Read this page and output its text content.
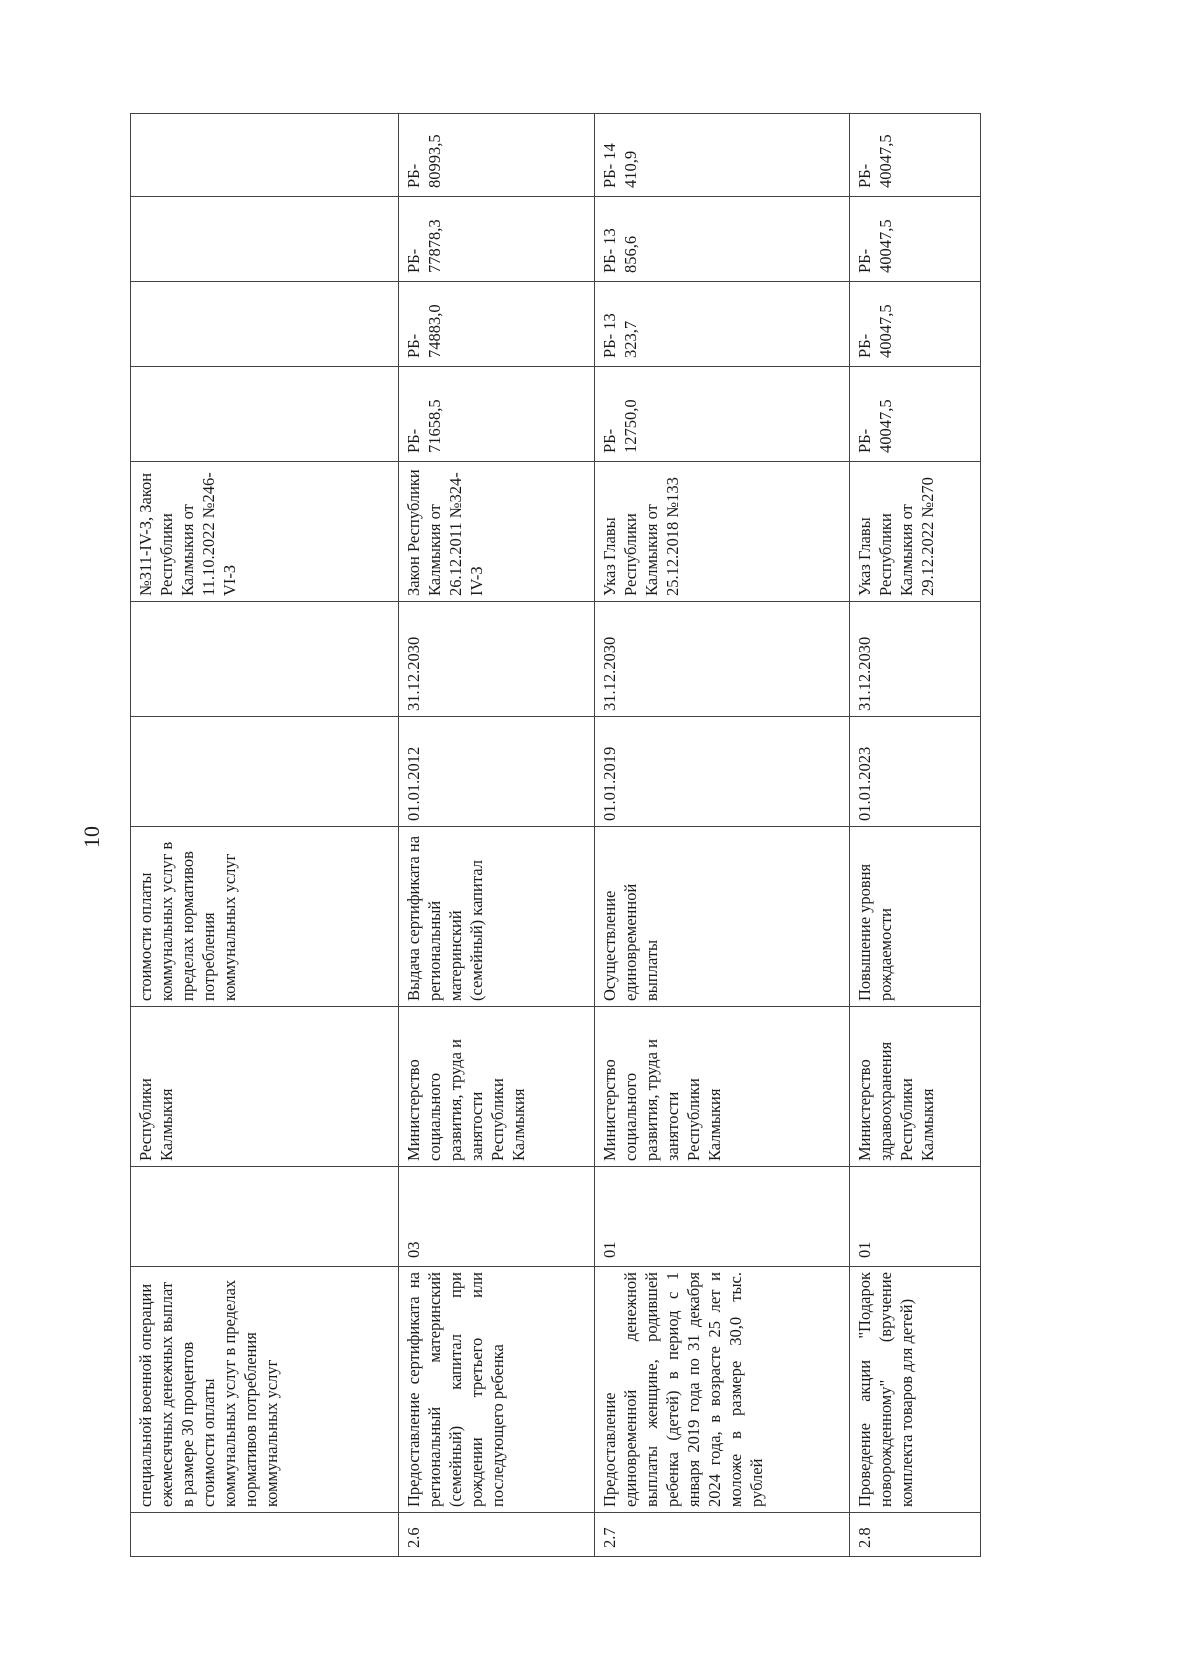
10
	специальной военной операции ежемесячных денежных выплат в размере 30 процентов стоимости оплаты коммунальных услуг в пределах нормативов потребления коммунальных услуг		Республики Калмыкия	стоимости оплаты коммунальных услуг в пределах нормативов потребления коммунальных услуг			№311-IV-З, Закон Республики Калмыкия от 11.10.2022 №246-VI-З				
2.6	Предоставление сертификата на региональный материнский (семейный) капитал при рождении третьего или последующего ребенка	03	Министерство социального развития, труда и занятости Республики Калмыкия	Выдача сертификата на региональный материнский (семейный) капитал	01.01.2012	31.12.2030	Закон Республики Калмыкия от 26.12.2011 №324-IV-З	РБ- 71658,5	РБ- 74883,0	РБ- 77878,3	РБ- 80993,5
2.7	Предоставление единовременной денежной выплаты женщине, родившей ребенка (детей) в период с 1 января 2019 года по 31 декабря 2024 года, в возрасте 25 лет и моложе в размере 30,0 тыс. рублей	01	Министерство социального развития, труда и занятости Республики Калмыкия	Осуществление единовременной выплаты	01.01.2019	31.12.2030	Указ Главы Республики Калмыкия от 25.12.2018 №133	РБ- 12750,0	РБ- 13 323,7	РБ- 13 856,6	РБ- 14 410,9
2.8	Проведение акции "Подарок новорожденному" (вручение комплекта товаров для детей)	01	Министерство здравоохранения Республики Калмыкия	Повышение уровня рождаемости	01.01.2023	31.12.2030	Указ Главы Республики Калмыкия от 29.12.2022 №270	РБ- 40047,5	РБ- 40047,5	РБ- 40047,5	РБ- 40047,5
